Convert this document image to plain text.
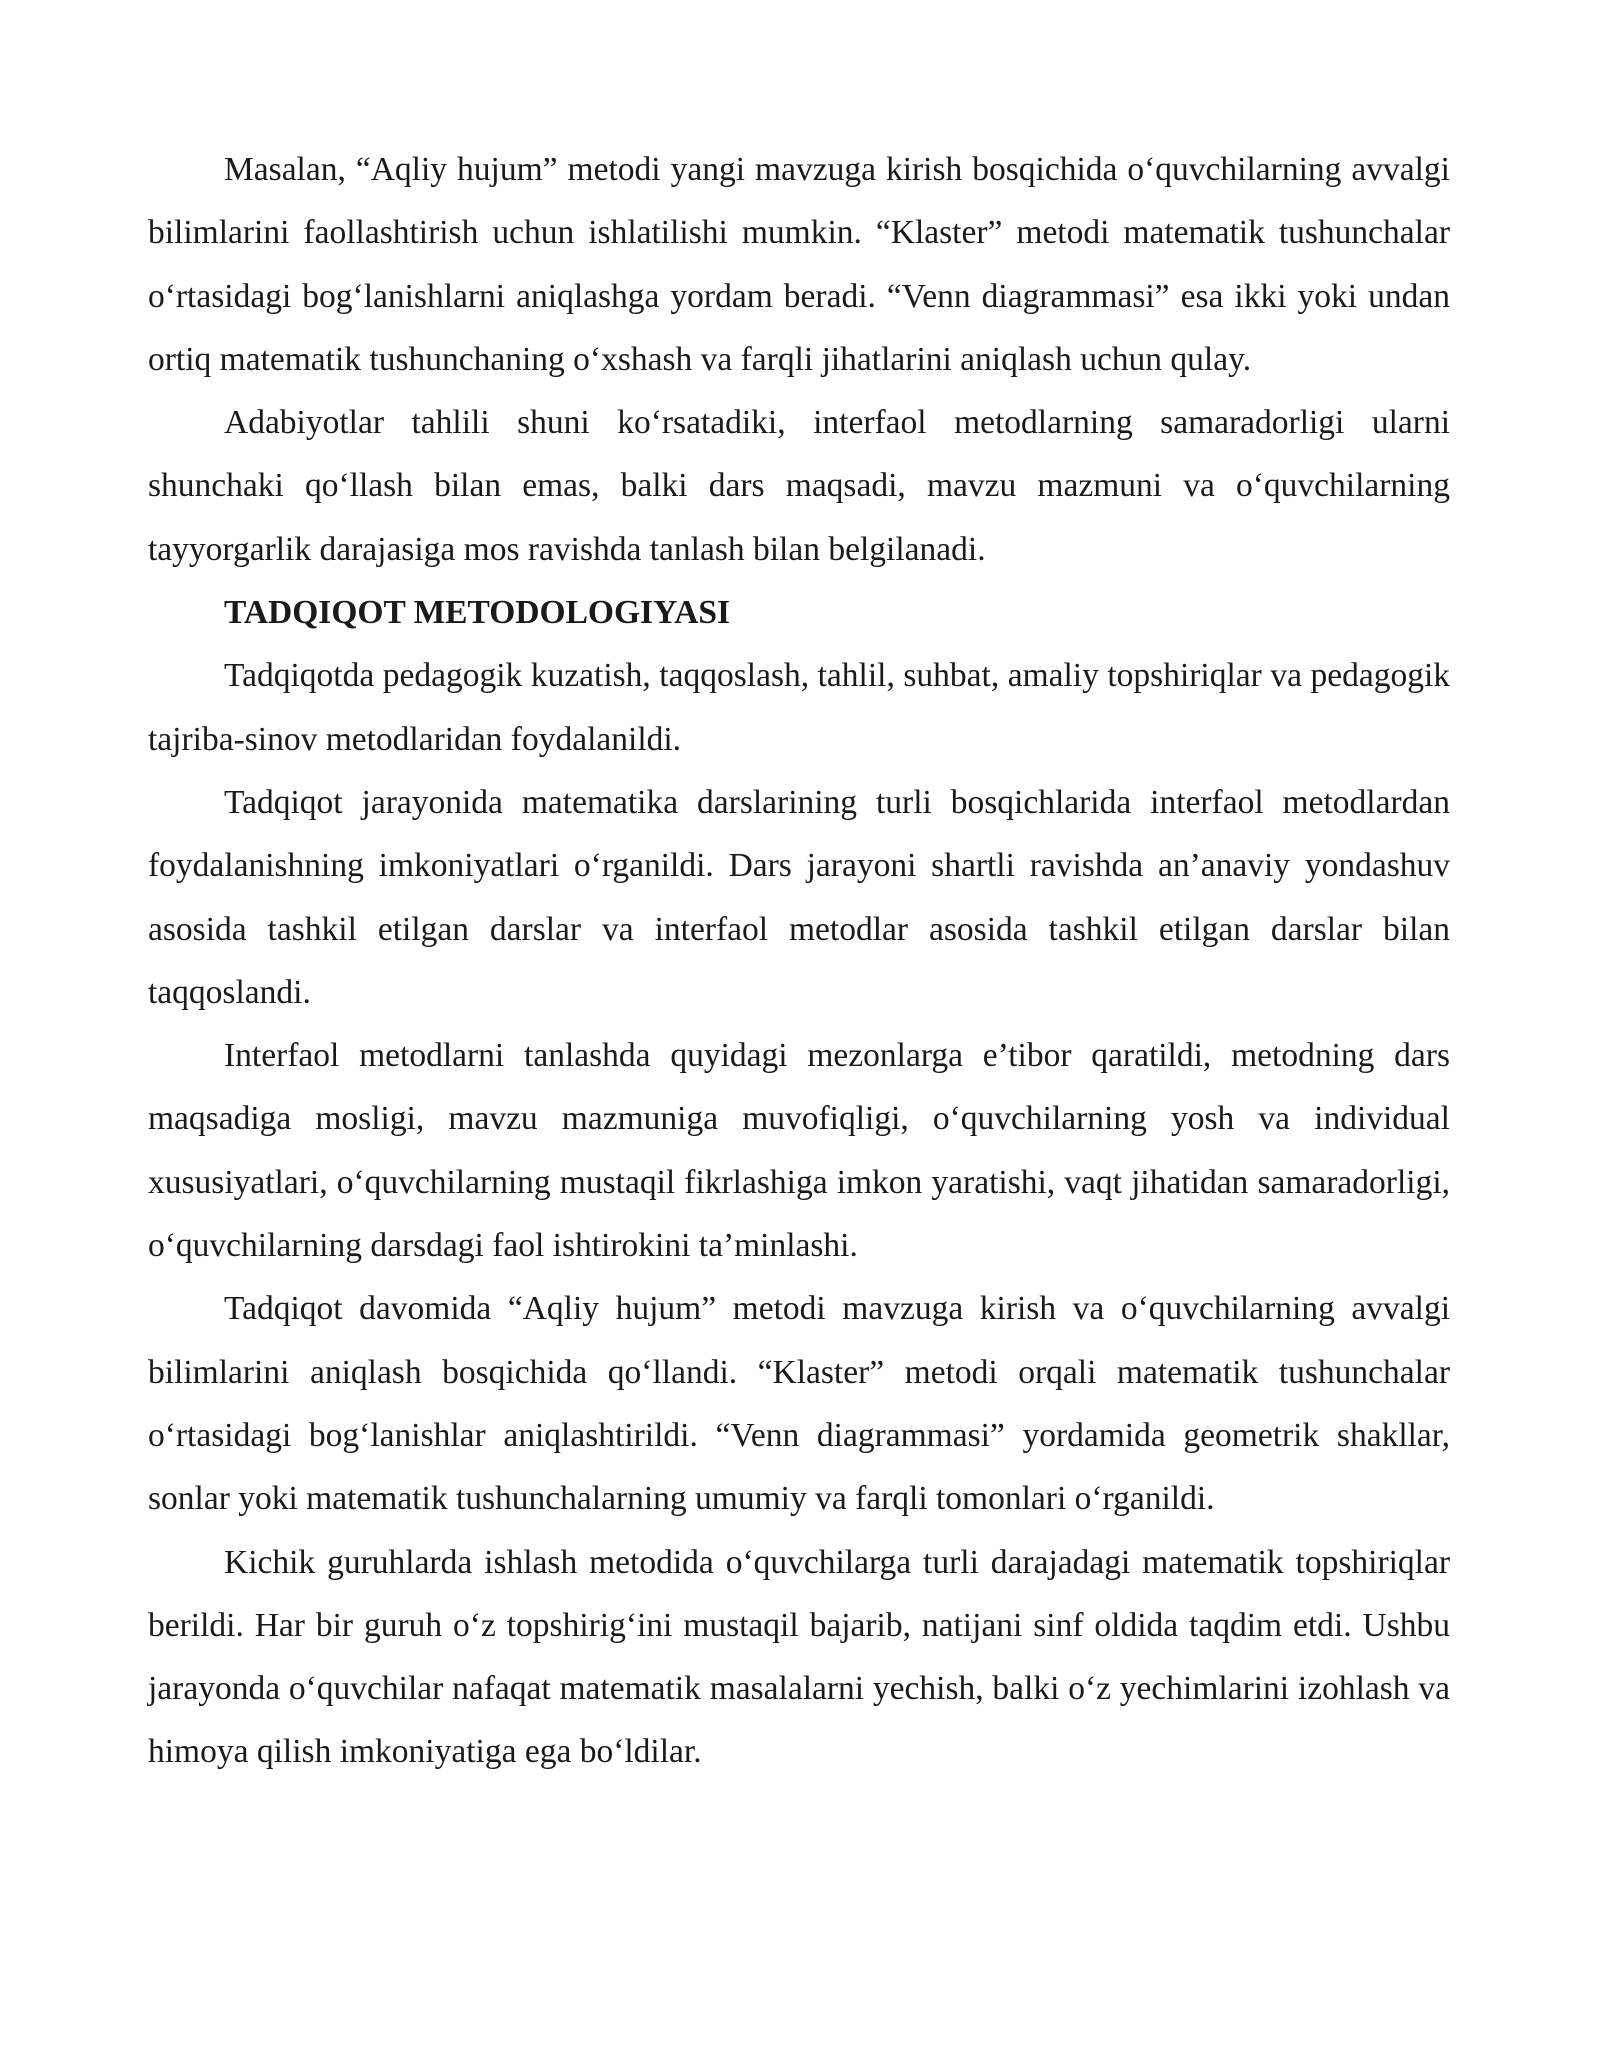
Masalan, “Aqliy hujum” metodi yangi mavzuga kirish bosqichida oʻquvchilarning avvalgi bilimlarini faollashtirish uchun ishlatilishi mumkin. “Klaster” metodi matematik tushunchalar oʻrtasidagi bogʻlanishlarni aniqlashga yordam beradi. “Venn diagrammasi” esa ikki yoki undan ortiq matematik tushunchaning oʻxshash va farqli jihatlarini aniqlash uchun qulay.

Adabiyotlar tahlili shuni koʻrsatadiki, interfaol metodlarning samaradorligi ularni shunchaki qoʻllash bilan emas, balki dars maqsadi, mavzu mazmuni va oʻquvchilarning tayyorgarlik darajasiga mos ravishda tanlash bilan belgilanadi.

TADQIQOT METODOLOGIYASI

Tadqiqotda pedagogik kuzatish, taqqoslash, tahlil, suhbat, amaliy topshiriqlar va pedagogik tajriba-sinov metodlaridan foydalanildi.

Tadqiqot jarayonida matematika darslarining turli bosqichlarida interfaol metodlardan foydalanishning imkoniyatlari oʻrganildi. Dars jarayoni shartli ravishda an’anaviy yondashuv asosida tashkil etilgan darslar va interfaol metodlar asosida tashkil etilgan darslar bilan taqqoslandi.

Interfaol metodlarni tanlashda quyidagi mezonlarga e’tibor qaratildi, metodning dars maqsadiga mosligi, mavzu mazmuniga muvofiqligi, oʻquvchilarning yosh va individual xususiyatlari, oʻquvchilarning mustaqil fikrlashiga imkon yaratishi, vaqt jihatidan samaradorligi, oʻquvchilarning darsdagi faol ishtirokini ta’minlashi.

Tadqiqot davomida “Aqliy hujum” metodi mavzuga kirish va oʻquvchilarning avvalgi bilimlarini aniqlash bosqichida qoʻllandi. “Klaster” metodi orqali matematik tushunchalar oʻrtasidagi bogʻlanishlar aniqlashtirildi. “Venn diagrammasi” yordamida geometrik shakllar, sonlar yoki matematik tushunchalarning umumiy va farqli tomonlari oʻrganildi.

Kichik guruhlarda ishlash metodida oʻquvchilarga turli darajadagi matematik topshiriqlar berildi. Har bir guruh oʻz topshirigʻini mustaqil bajarib, natijani sinf oldida taqdim etdi. Ushbu jarayonda oʻquvchilar nafaqat matematik masalalarni yechish, balki oʻz yechimlarini izohlash va himoya qilish imkoniyatiga ega boʻldilar.
